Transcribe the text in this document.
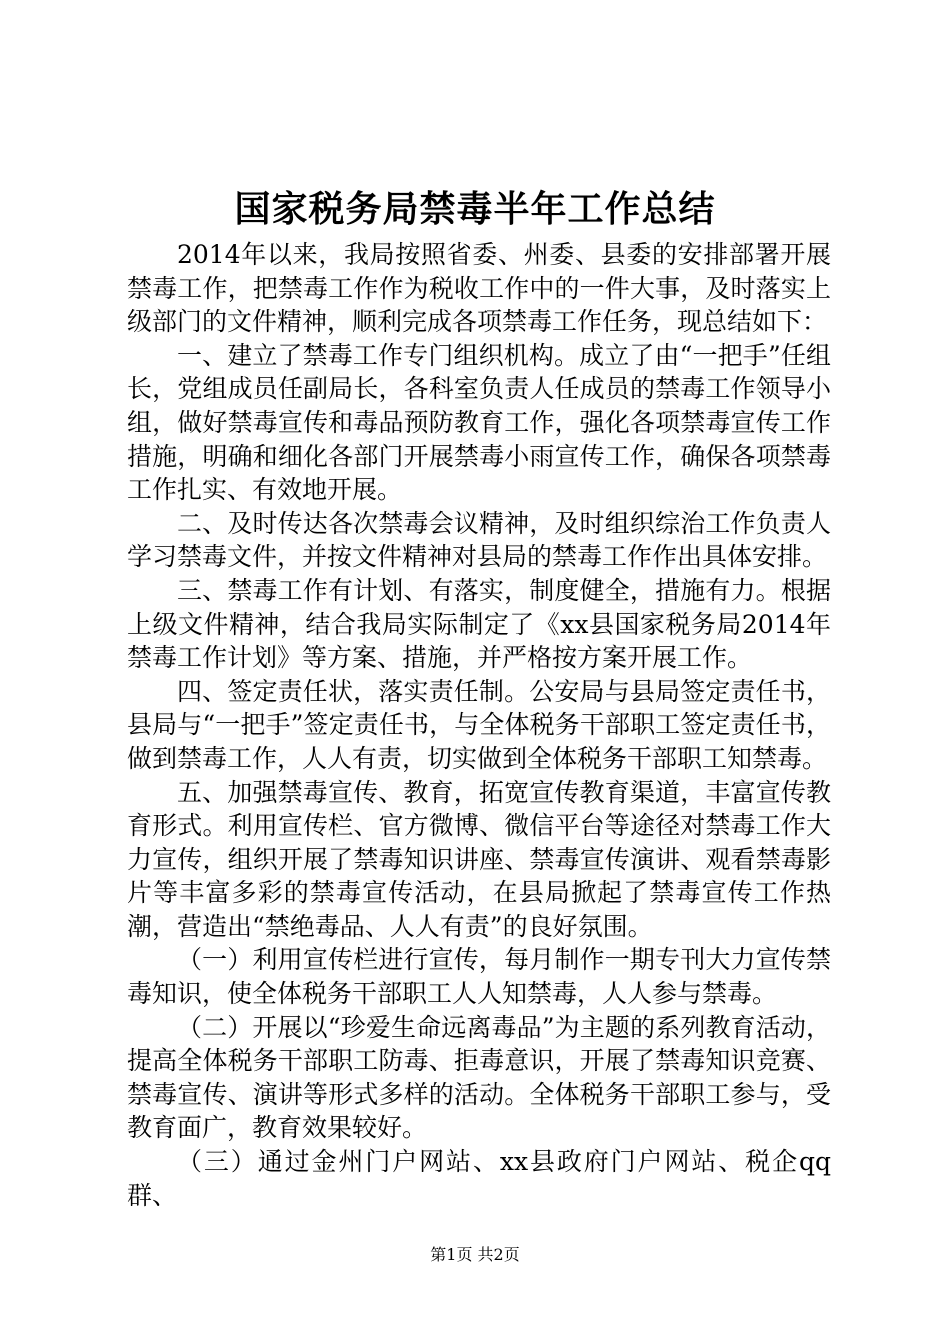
国家税务局禁毒半年工作总结

2014年以来，我局按照省委、州委、县委的安排部署开展禁毒工作，把禁毒工作作为税收工作中的一件大事，及时落实上级部门的文件精神，顺利完成各项禁毒工作任务，现总结如下：

一、建立了禁毒工作专门组织机构。成立了由“一把手”任组长，党组成员任副局长，各科室负责人任成员的禁毒工作领导小组，做好禁毒宣传和毒品预防教育工作，强化各项禁毒宣传工作措施，明确和细化各部门开展禁毒小雨宣传工作，确保各项禁毒工作扎实、有效地开展。

二、及时传达各次禁毒会议精神，及时组织综治工作负责人学习禁毒文件，并按文件精神对县局的禁毒工作作出具体安排。

三、禁毒工作有计划、有落实，制度健全，措施有力。根据上级文件精神，结合我局实际制定了《xx县国家税务局2014年禁毒工作计划》等方案、措施，并严格按方案开展工作。

四、签定责任状，落实责任制。公安局与县局签定责任书，县局与“一把手”签定责任书，与全体税务干部职工签定责任书，做到禁毒工作，人人有责，切实做到全体税务干部职工知禁毒。

五、加强禁毒宣传、教育，拓宽宣传教育渠道，丰富宣传教育形式。利用宣传栏、官方微博、微信平台等途径对禁毒工作大力宣传，组织开展了禁毒知识讲座、禁毒宣传演讲、观看禁毒影片等丰富多彩的禁毒宣传活动，在县局掀起了禁毒宣传工作热潮，营造出“禁绝毒品、人人有责”的良好氛围。

（一）利用宣传栏进行宣传，每月制作一期专刊大力宣传禁毒知识，使全体税务干部职工人人知禁毒，人人参与禁毒。

（二）开展以“珍爱生命远离毒品”为主题的系列教育活动，提高全体税务干部职工防毒、拒毒意识，开展了禁毒知识竞赛、禁毒宣传、演讲等形式多样的活动。全体税务干部职工参与，受教育面广，教育效果较好。

（三）通过金州门户网站、xx县政府门户网站、税企qq群、

第1页 共2页
